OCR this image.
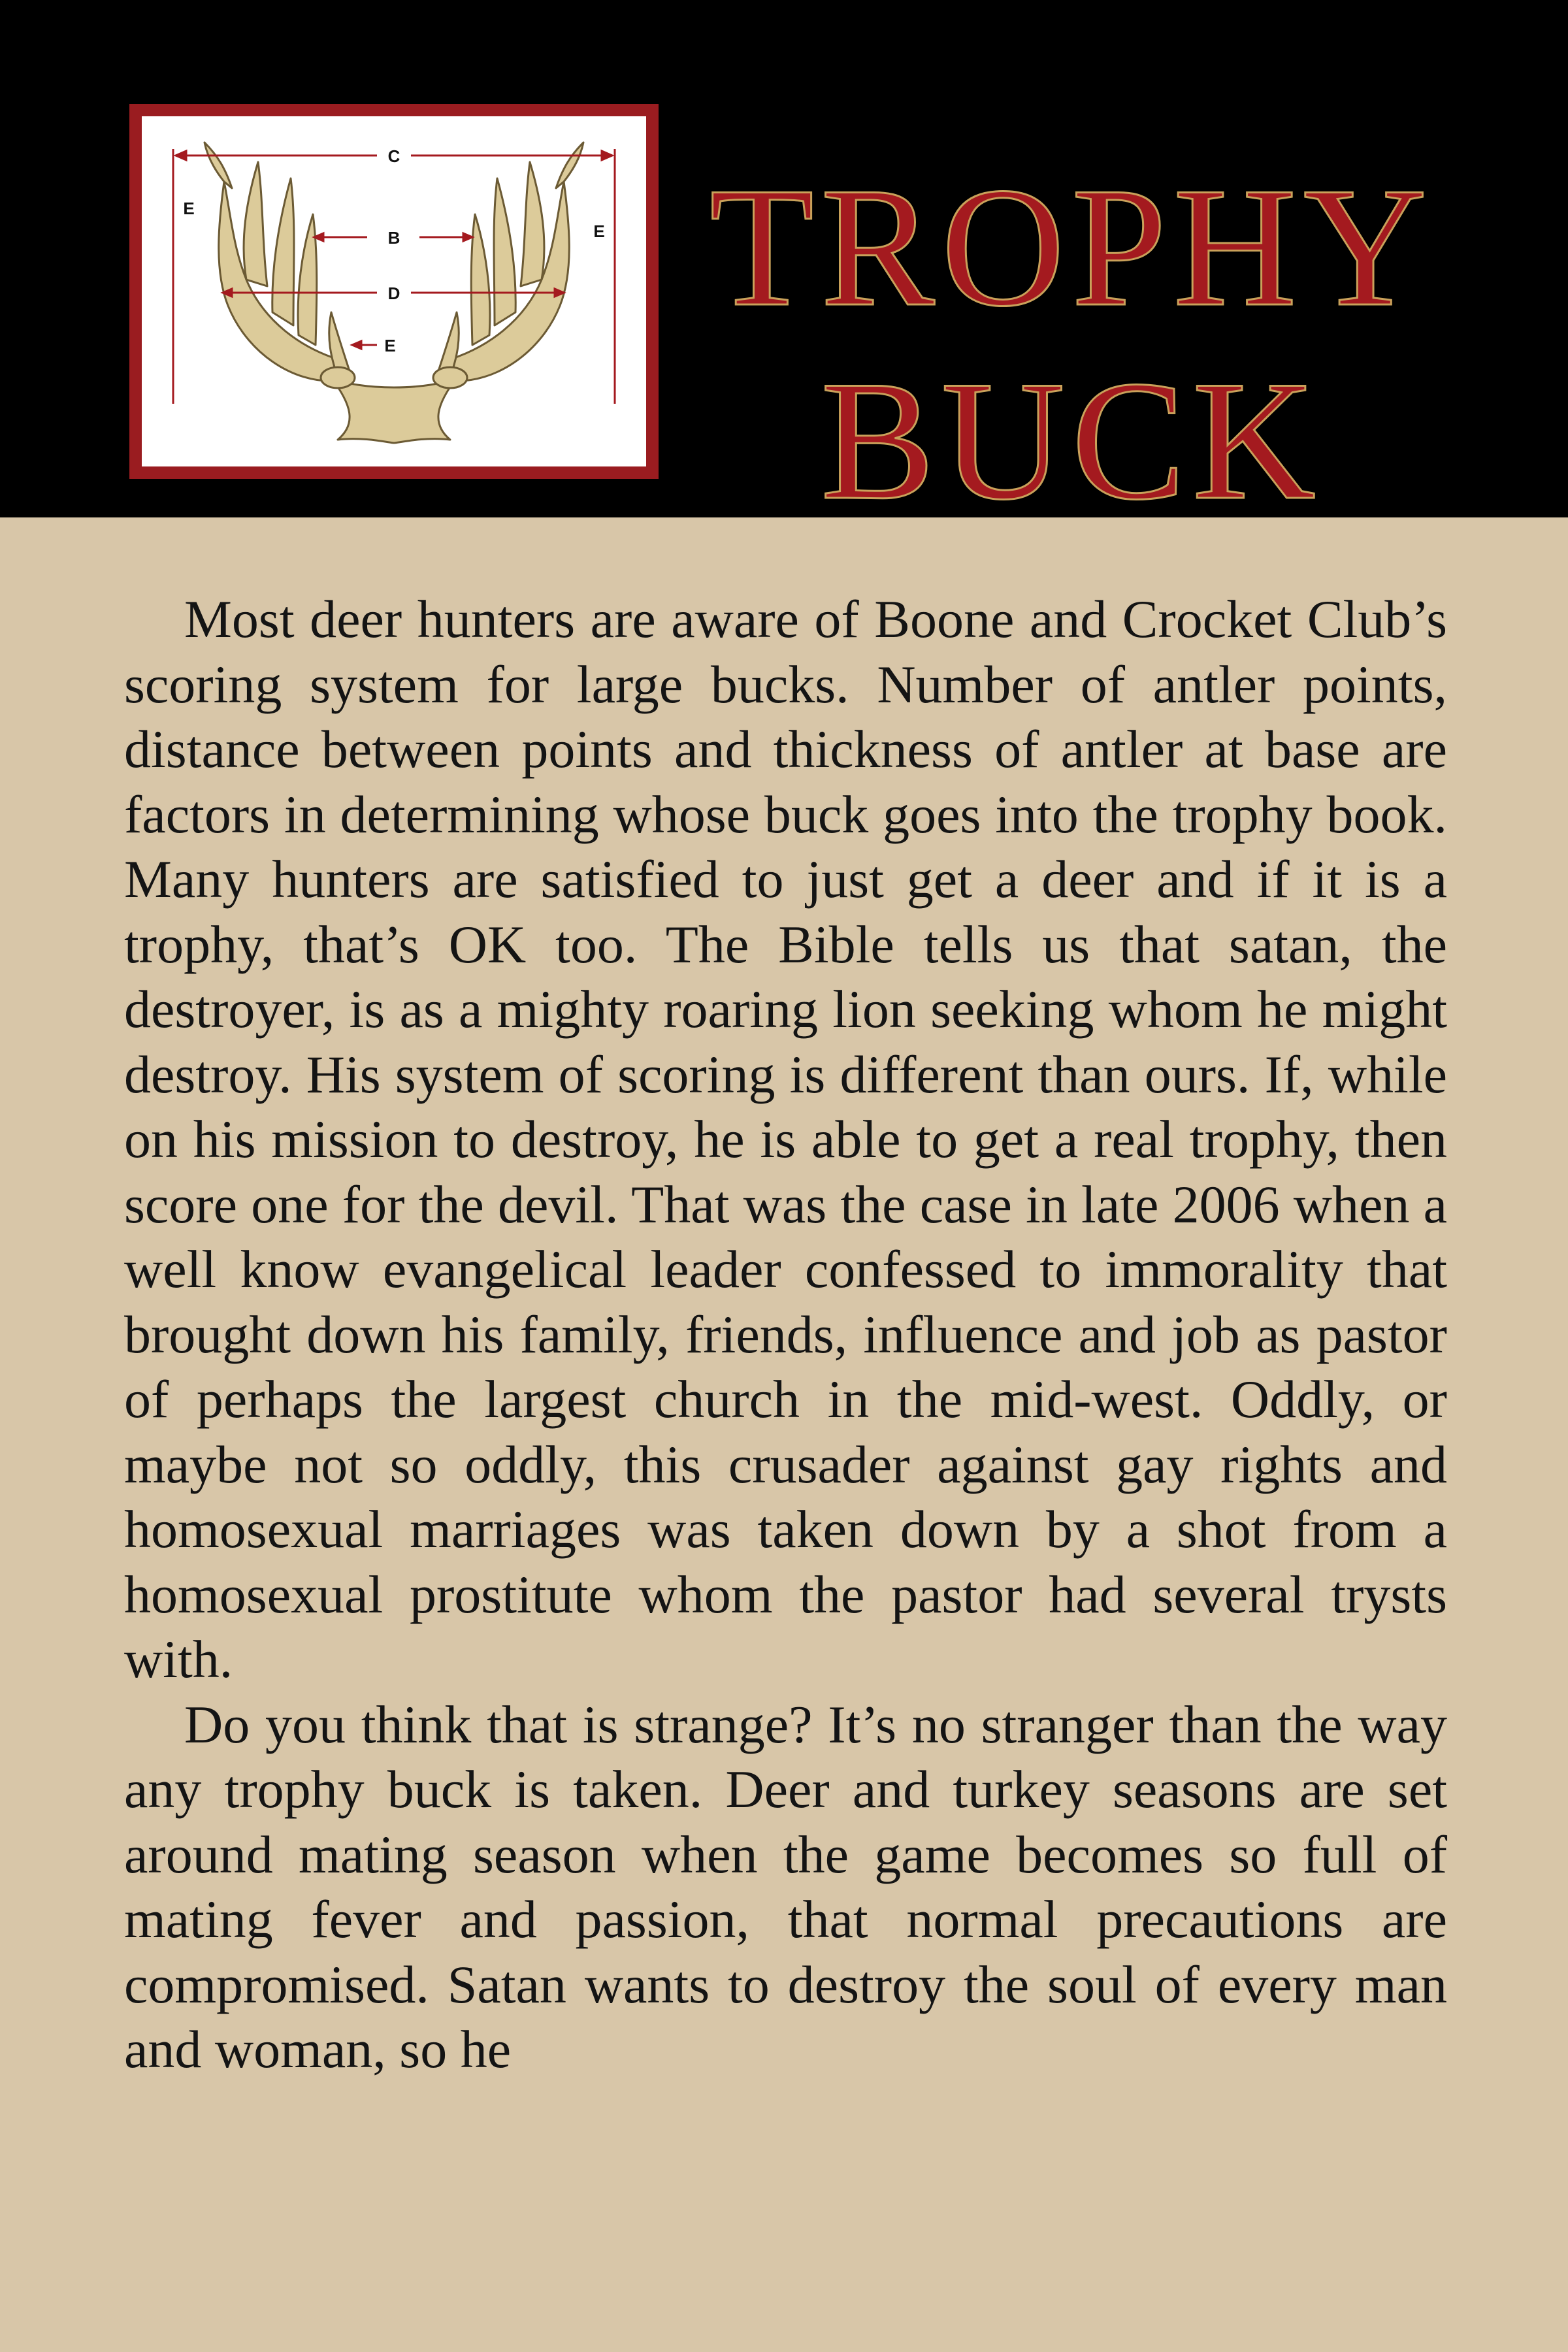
C
B
D
E
E
E
TROPHY
BUCK

Most deer hunters are aware of Boone and Crocket Club’s scoring system for large bucks. Number of antler points, distance between points and thickness of antler at base are factors in determining whose buck goes into the trophy book. Many hunters are satisfied to just get a deer and if it is a trophy, that’s OK too. The Bible tells us that satan, the destroyer, is as a mighty roaring lion seeking whom he might destroy. His system of scoring is different than ours. If, while on his mission to destroy, he is able to get a real trophy, then score one for the devil. That was the case in late 2006 when a well know evangelical leader confessed to immorality that brought down his family, friends, influence and job as pastor of perhaps the largest church in the mid-west. Oddly, or maybe not so oddly, this crusader against gay rights and homosexual marriages was taken down by a shot from a homosexual prostitute whom the pastor had several trysts with.

Do you think that is strange? It’s no stranger than the way any trophy buck is taken. Deer and turkey seasons are set around mating season when the game becomes so full of mating fever and passion, that normal precautions are compromised. Satan wants to destroy the soul of every man and woman, so he
